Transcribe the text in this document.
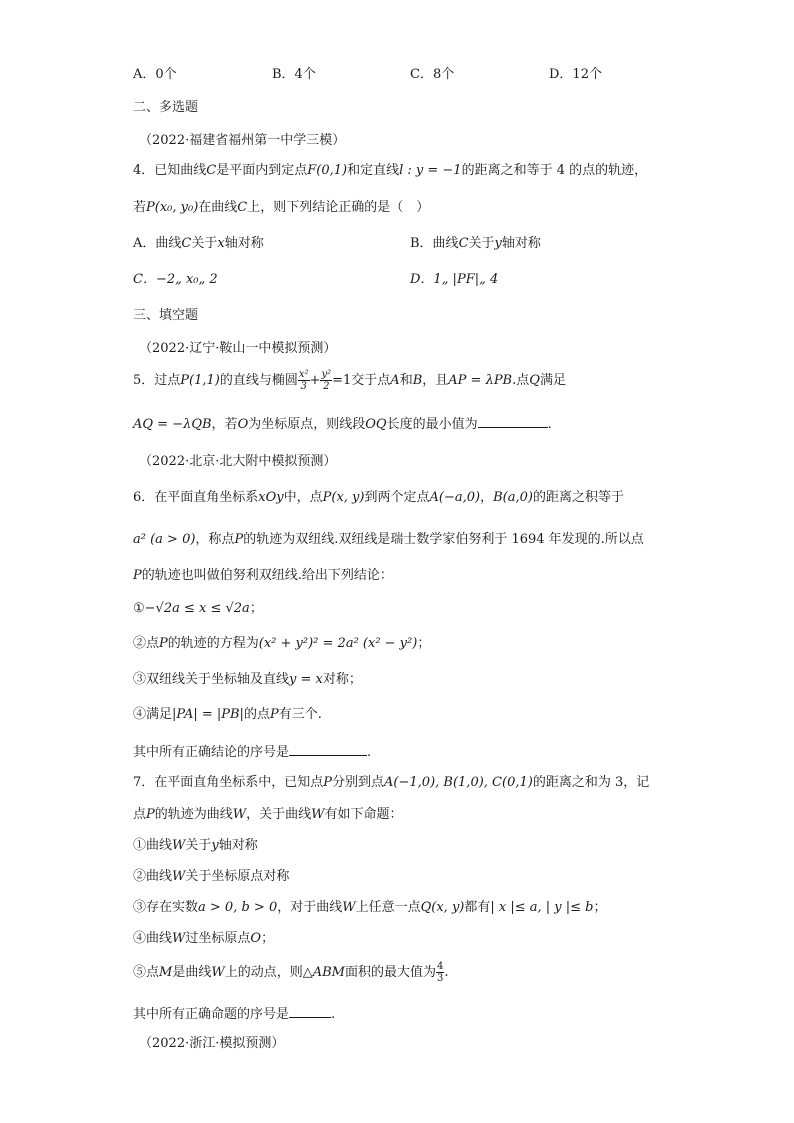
A．0个	B．4个	C．8个	D．12个
二、多选题
（2022·福建省福州第一中学三模）
4．已知曲线C是平面内到定点F(0,1)和定直线l : y = −1的距离之和等于 4 的点的轨迹，
若P(x₀, y₀)在曲线C上，则下列结论正确的是（　）
A．曲线C关于x轴对称	B．曲线C关于y轴对称
C．−2„ x₀„ 2	D．1„ |PF|„ 4
三、填空题
（2022·辽宁·鞍山一中模拟预测）
5．过点P(1,1)的直线与椭圆 $\frac{\text{x²}}{3} + \frac{\text{y²}}{2} =1$交于点A和B，且AP = λPB.点Q满足
AQ = −λQB，若O为坐标原点，则线段OQ长度的最小值为	.
（2022·北京·北大附中模拟预测）
6．在平面直角坐标系xOy中，点P(x, y)到两个定点A(−a,0)，B(a,0)的距离之积等于
a² (a > 0)，称点P的轨迹为双纽线.双纽线是瑞士数学家伯努利于 1694 年发现的.所以点
P的轨迹也叫做伯努利双纽线.给出下列结论：
①−√2a ≤ x ≤ √2a；
②点P的轨迹的方程为(x² + y²)² = 2a² (x² − y²)；
③双纽线关于坐标轴及直线y = x对称；
④满足|PA| = |PB|的点P有三个.
其中所有正确结论的序号是	.
7．在平面直角坐标系中，已知点P分别到点A(−1,0), B(1,0), C(0,1)的距离之和为 3，记
点P的轨迹为曲线W，关于曲线W有如下命题：
①曲线W关于y轴对称
②曲线W关于坐标原点对称
③存在实数a > 0, b > 0，对于曲线W上任意一点Q(x, y)都有| x |≤ a, | y |≤ b；
④曲线W过坐标原点O；
⑤点M是曲线W上的动点，则△ABM面积的最大值为 $\frac{4}{3}$ .
其中所有正确命题的序号是	.
（2022·浙江·模拟预测）
